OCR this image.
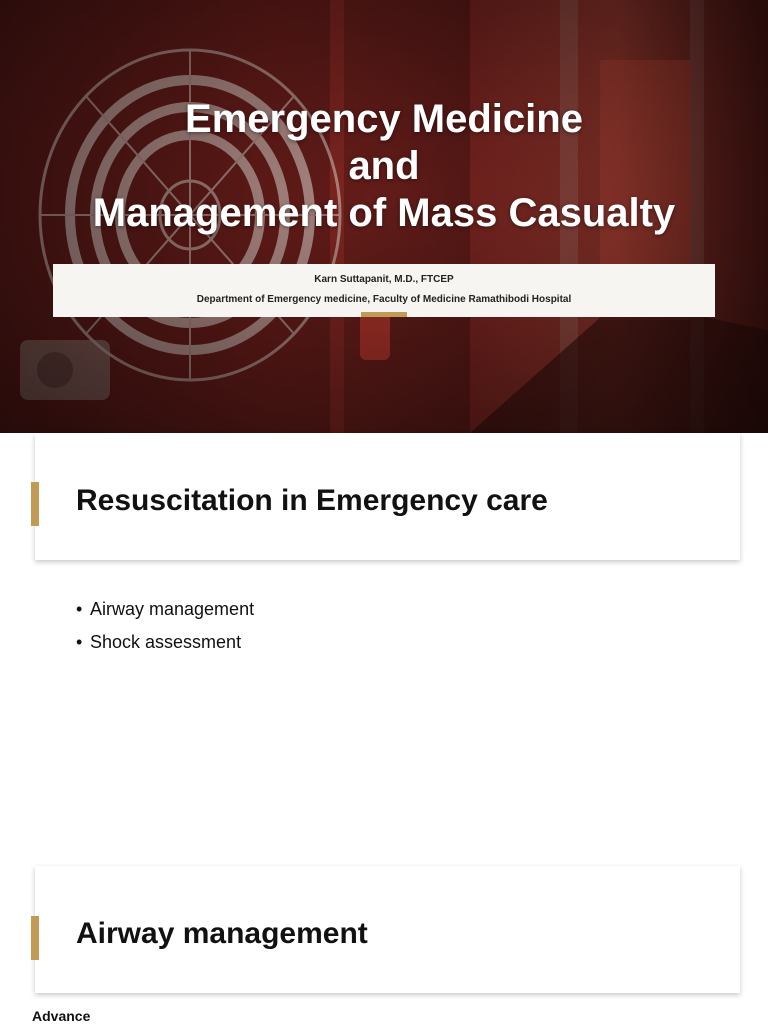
Emergency Medicine
and
Management of Mass Casualty
Karn Suttapanit, M.D., FTCEP
Department of Emergency medicine, Faculty of Medicine Ramathibodi Hospital
Resuscitation in Emergency care
• Airway management
• Shock assessment
Airway management
Advance
